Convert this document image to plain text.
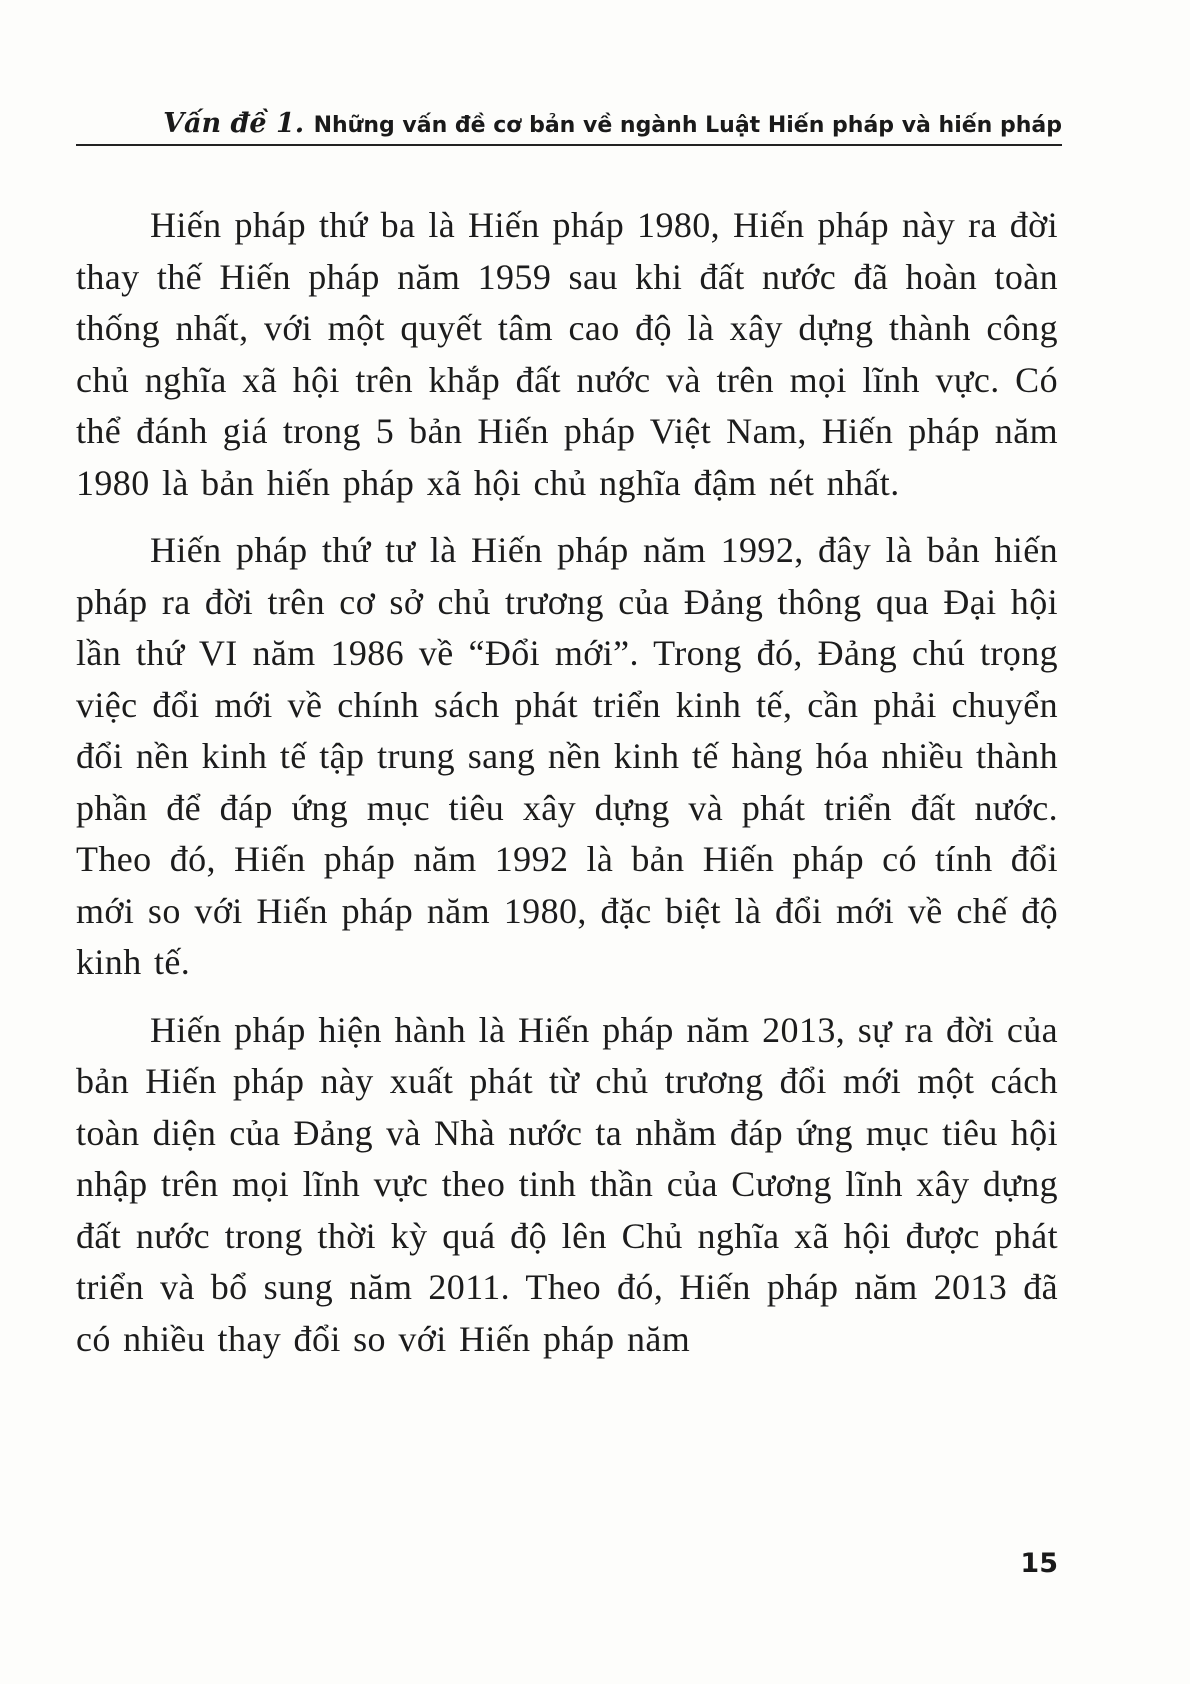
Vấn đề 1. Những vấn đề cơ bản về ngành Luật Hiến pháp và hiến pháp

Hiến pháp thứ ba là Hiến pháp 1980, Hiến pháp này ra đời thay thế Hiến pháp năm 1959 sau khi đất nước đã hoàn toàn thống nhất, với một quyết tâm cao độ là xây dựng thành công chủ nghĩa xã hội trên khắp đất nước và trên mọi lĩnh vực. Có thể đánh giá trong 5 bản Hiến pháp Việt Nam, Hiến pháp năm 1980 là bản hiến pháp xã hội chủ nghĩa đậm nét nhất.

Hiến pháp thứ tư là Hiến pháp năm 1992, đây là bản hiến pháp ra đời trên cơ sở chủ trương của Đảng thông qua Đại hội lần thứ VI năm 1986 về “Đổi mới”. Trong đó, Đảng chú trọng việc đổi mới về chính sách phát triển kinh tế, cần phải chuyển đổi nền kinh tế tập trung sang nền kinh tế hàng hóa nhiều thành phần để đáp ứng mục tiêu xây dựng và phát triển đất nước. Theo đó, Hiến pháp năm 1992 là bản Hiến pháp có tính đổi mới so với Hiến pháp năm 1980, đặc biệt là đổi mới về chế độ kinh tế.

Hiến pháp hiện hành là Hiến pháp năm 2013, sự ra đời của bản Hiến pháp này xuất phát từ chủ trương đổi mới một cách toàn diện của Đảng và Nhà nước ta nhằm đáp ứng mục tiêu hội nhập trên mọi lĩnh vực theo tinh thần của Cương lĩnh xây dựng đất nước trong thời kỳ quá độ lên Chủ nghĩa xã hội được phát triển và bổ sung năm 2011. Theo đó, Hiến pháp năm 2013 đã có nhiều thay đổi so với Hiến pháp năm

15
